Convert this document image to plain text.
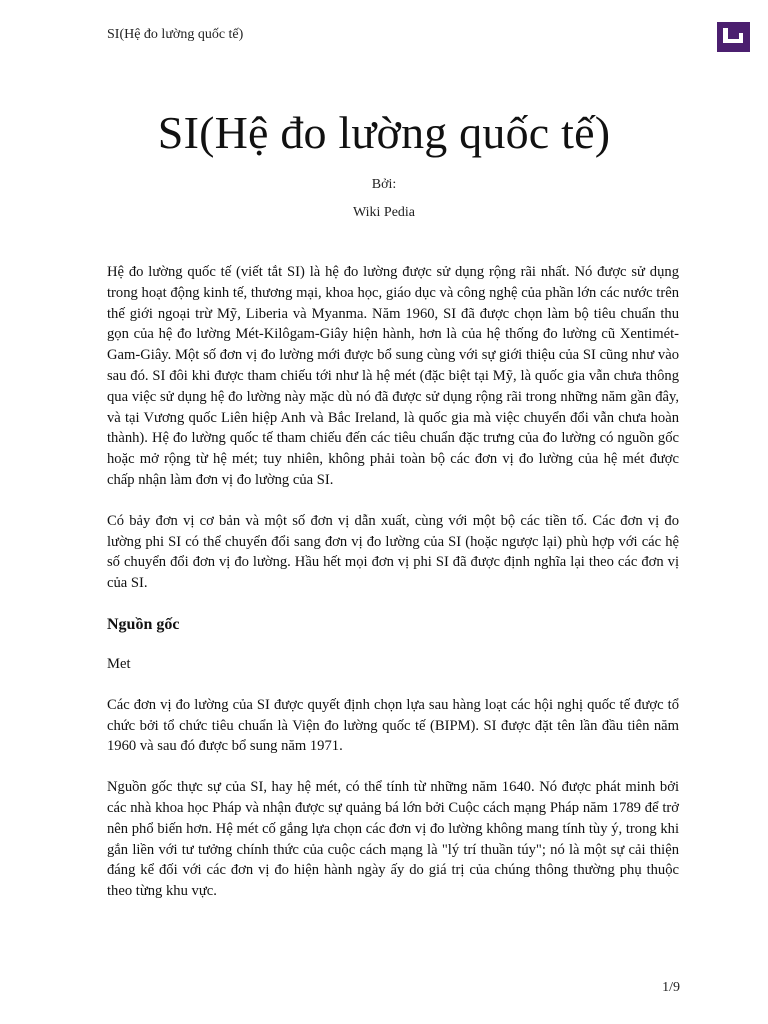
SI(Hệ đo lường quốc tế)
SI(Hệ đo lường quốc tế)
Bởi:
Wiki Pedia

Hệ đo lường quốc tế (viết tắt SI) là hệ đo lường được sử dụng rộng rãi nhất. Nó được sử dụng trong hoạt động kinh tế, thương mại, khoa học, giáo dục và công nghệ của phần lớn các nước trên thế giới ngoại trừ Mỹ, Liberia và Myanma. Năm 1960, SI đã được chọn làm bộ tiêu chuẩn thu gọn của hệ đo lường Mét-Kilôgam-Giây hiện hành, hơn là của hệ thống đo lường cũ Xentimét-Gam-Giây. Một số đơn vị đo lường mới được bổ sung cùng với sự giới thiệu của SI cũng như vào sau đó. SI đôi khi được tham chiếu tới như là hệ mét (đặc biệt tại Mỹ, là quốc gia vẫn chưa thông qua việc sử dụng hệ đo lường này mặc dù nó đã được sử dụng rộng rãi trong những năm gần đây, và tại Vương quốc Liên hiệp Anh và Bắc Ireland, là quốc gia mà việc chuyển đổi vẫn chưa hoàn thành). Hệ đo lường quốc tế tham chiếu đến các tiêu chuẩn đặc trưng của đo lường có nguồn gốc hoặc mở rộng từ hệ mét; tuy nhiên, không phải toàn bộ các đơn vị đo lường của hệ mét được chấp nhận làm đơn vị đo lường của SI.

Có bảy đơn vị cơ bản và một số đơn vị dẫn xuất, cùng với một bộ các tiền tố. Các đơn vị đo lường phi SI có thể chuyển đổi sang đơn vị đo lường của SI (hoặc ngược lại) phù hợp với các hệ số chuyển đổi đơn vị đo lường. Hầu hết mọi đơn vị phi SI đã được định nghĩa lại theo các đơn vị của SI.

Nguồn gốc

Met

Các đơn vị đo lường của SI được quyết định chọn lựa sau hàng loạt các hội nghị quốc tế được tổ chức bởi tổ chức tiêu chuẩn là Viện đo lường quốc tế (BIPM). SI được đặt tên lần đầu tiên năm 1960 và sau đó được bổ sung năm 1971.

Nguồn gốc thực sự của SI, hay hệ mét, có thể tính từ những năm 1640. Nó được phát minh bởi các nhà khoa học Pháp và nhận được sự quảng bá lớn bởi Cuộc cách mạng Pháp năm 1789 để trở nên phổ biến hơn. Hệ mét cố gắng lựa chọn các đơn vị đo lường không mang tính tùy ý, trong khi gắn liền với tư tưởng chính thức của cuộc cách mạng là "lý trí thuần túy"; nó là một sự cải thiện đáng kể đối với các đơn vị đo hiện hành ngày ấy do giá trị của chúng thông thường phụ thuộc theo từng khu vực.

1/9
